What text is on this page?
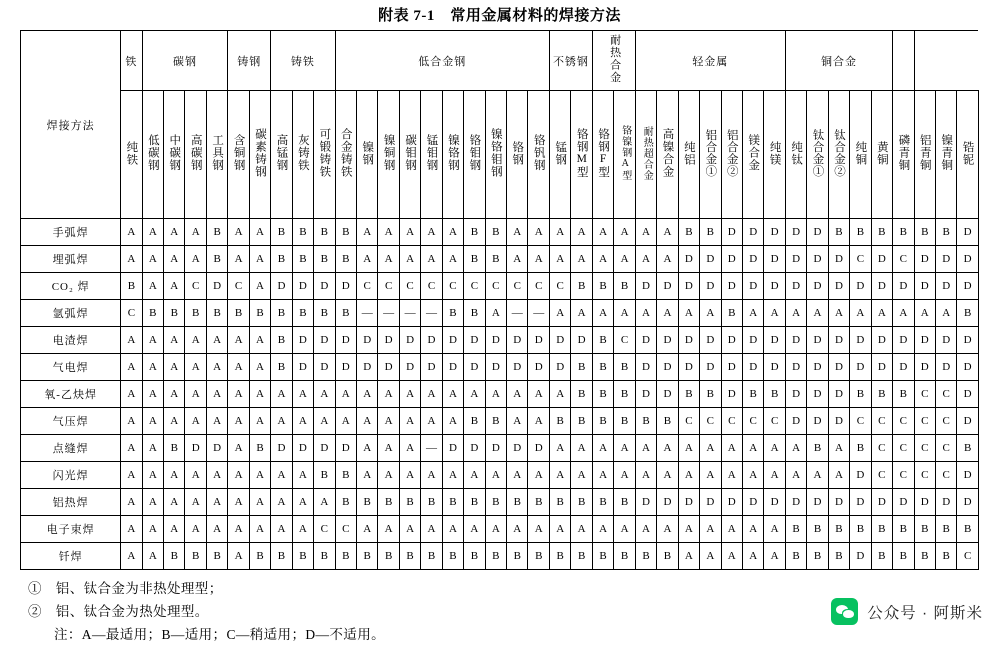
附表 7-1　常用金属材料的焊接方法
焊接方法	铁	碳钢				铸钢		铸铁			低合金钢										不锈钢		耐热合金		轻金属							铜合金								
	纯铁	低碳钢	中碳钢	高碳钢	工具钢	含铜钢	碳素铸钢	高锰钢	灰铸铁	可锻铸铁	合金铸铁	镍钢	镍铜钢	碳钼钢	锰钼钢	镍铬钢	铬钼钢	镍铬钼钢	铬钢	铬钒钢	锰钢	铬钢M型	铬钢F型	铬镍钢A型	耐热超合金	高镍合金	纯铝	铝合金①	铝合金②	镁合金	纯镁	纯钛	钛合金①	钛合金②	纯铜	黄铜	磷青铜	铝青铜	镍青铜	锆铌
手弧焊	A	A	A	A	B	A	A	B	B	B	B	A	A	A	A	A	B	B	A	A	A	A	A	A	A	A	B	B	D	D	D	D	D	B	B	B	B	B	B	D
埋弧焊	A	A	A	A	B	A	A	B	B	B	B	A	A	A	A	A	B	B	A	A	A	A	A	A	A	A	D	D	D	D	D	D	D	D	C	D	C	D	D	D
CO₂ 焊	B	A	A	C	D	C	A	D	D	D	D	C	C	C	C	C	C	C	C	C	C	B	B	B	D	D	D	D	D	D	D	D	D	D	D	D	D	D	D	D
氩弧焊	C	B	B	B	B	B	B	B	B	B	B	—	—	—	—	B	B	A	—	—	A	A	A	A	A	A	A	A	B	A	A	A	A	A	A	A	A	A	A	B
电渣焊	A	A	A	A	A	A	A	B	D	D	D	D	D	D	D	D	D	D	D	D	D	D	B	C	D	D	D	D	D	D	D	D	D	D	D	D	D	D	D	D
气电焊	A	A	A	A	A	A	A	B	D	D	D	D	D	D	D	D	D	D	D	D	D	B	B	B	D	D	D	D	D	D	D	D	D	D	D	D	D	D	D	D
氧-乙炔焊	A	A	A	A	A	A	A	A	A	A	A	A	A	A	A	A	A	A	A	A	A	B	B	B	D	D	B	B	D	B	B	D	D	D	B	B	B	C	C	D
气压焊	A	A	A	A	A	A	A	A	A	A	A	A	A	A	A	A	B	B	A	A	B	B	B	B	B	B	C	C	C	C	C	D	D	D	C	C	C	C	C	D
点缝焊	A	A	B	D	D	A	B	D	D	D	D	A	A	A	—	D	D	D	D	D	A	A	A	A	A	A	A	A	A	A	A	A	B	A	B	C	C	C	C	B
闪光焊	A	A	A	A	A	A	A	A	A	B	B	A	A	A	A	A	A	A	A	A	A	A	A	A	A	A	A	A	A	A	A	A	A	A	D	C	C	C	C	D
铝热焊	A	A	A	A	A	A	A	A	A	A	B	B	B	B	B	B	B	B	B	B	B	B	B	B	D	D	D	D	D	D	D	D	D	D	D	D	D	D	D	D
电子束焊	A	A	A	A	A	A	A	A	A	C	C	A	A	A	A	A	A	A	A	A	A	A	A	A	A	A	A	A	A	A	A	B	B	B	B	B	B	B	B	B
钎焊	A	A	B	B	B	A	B	B	B	B	B	B	B	B	B	B	B	B	B	B	B	B	B	B	B	B	A	A	A	A	A	B	B	B	D	B	B	B	B	C
①　铝、钛合金为非热处理型；
②　铝、钛合金为热处理型。
注：A—最适用；B—适用；C—稍适用；D—不适用。
公众号 · 阿斯米
